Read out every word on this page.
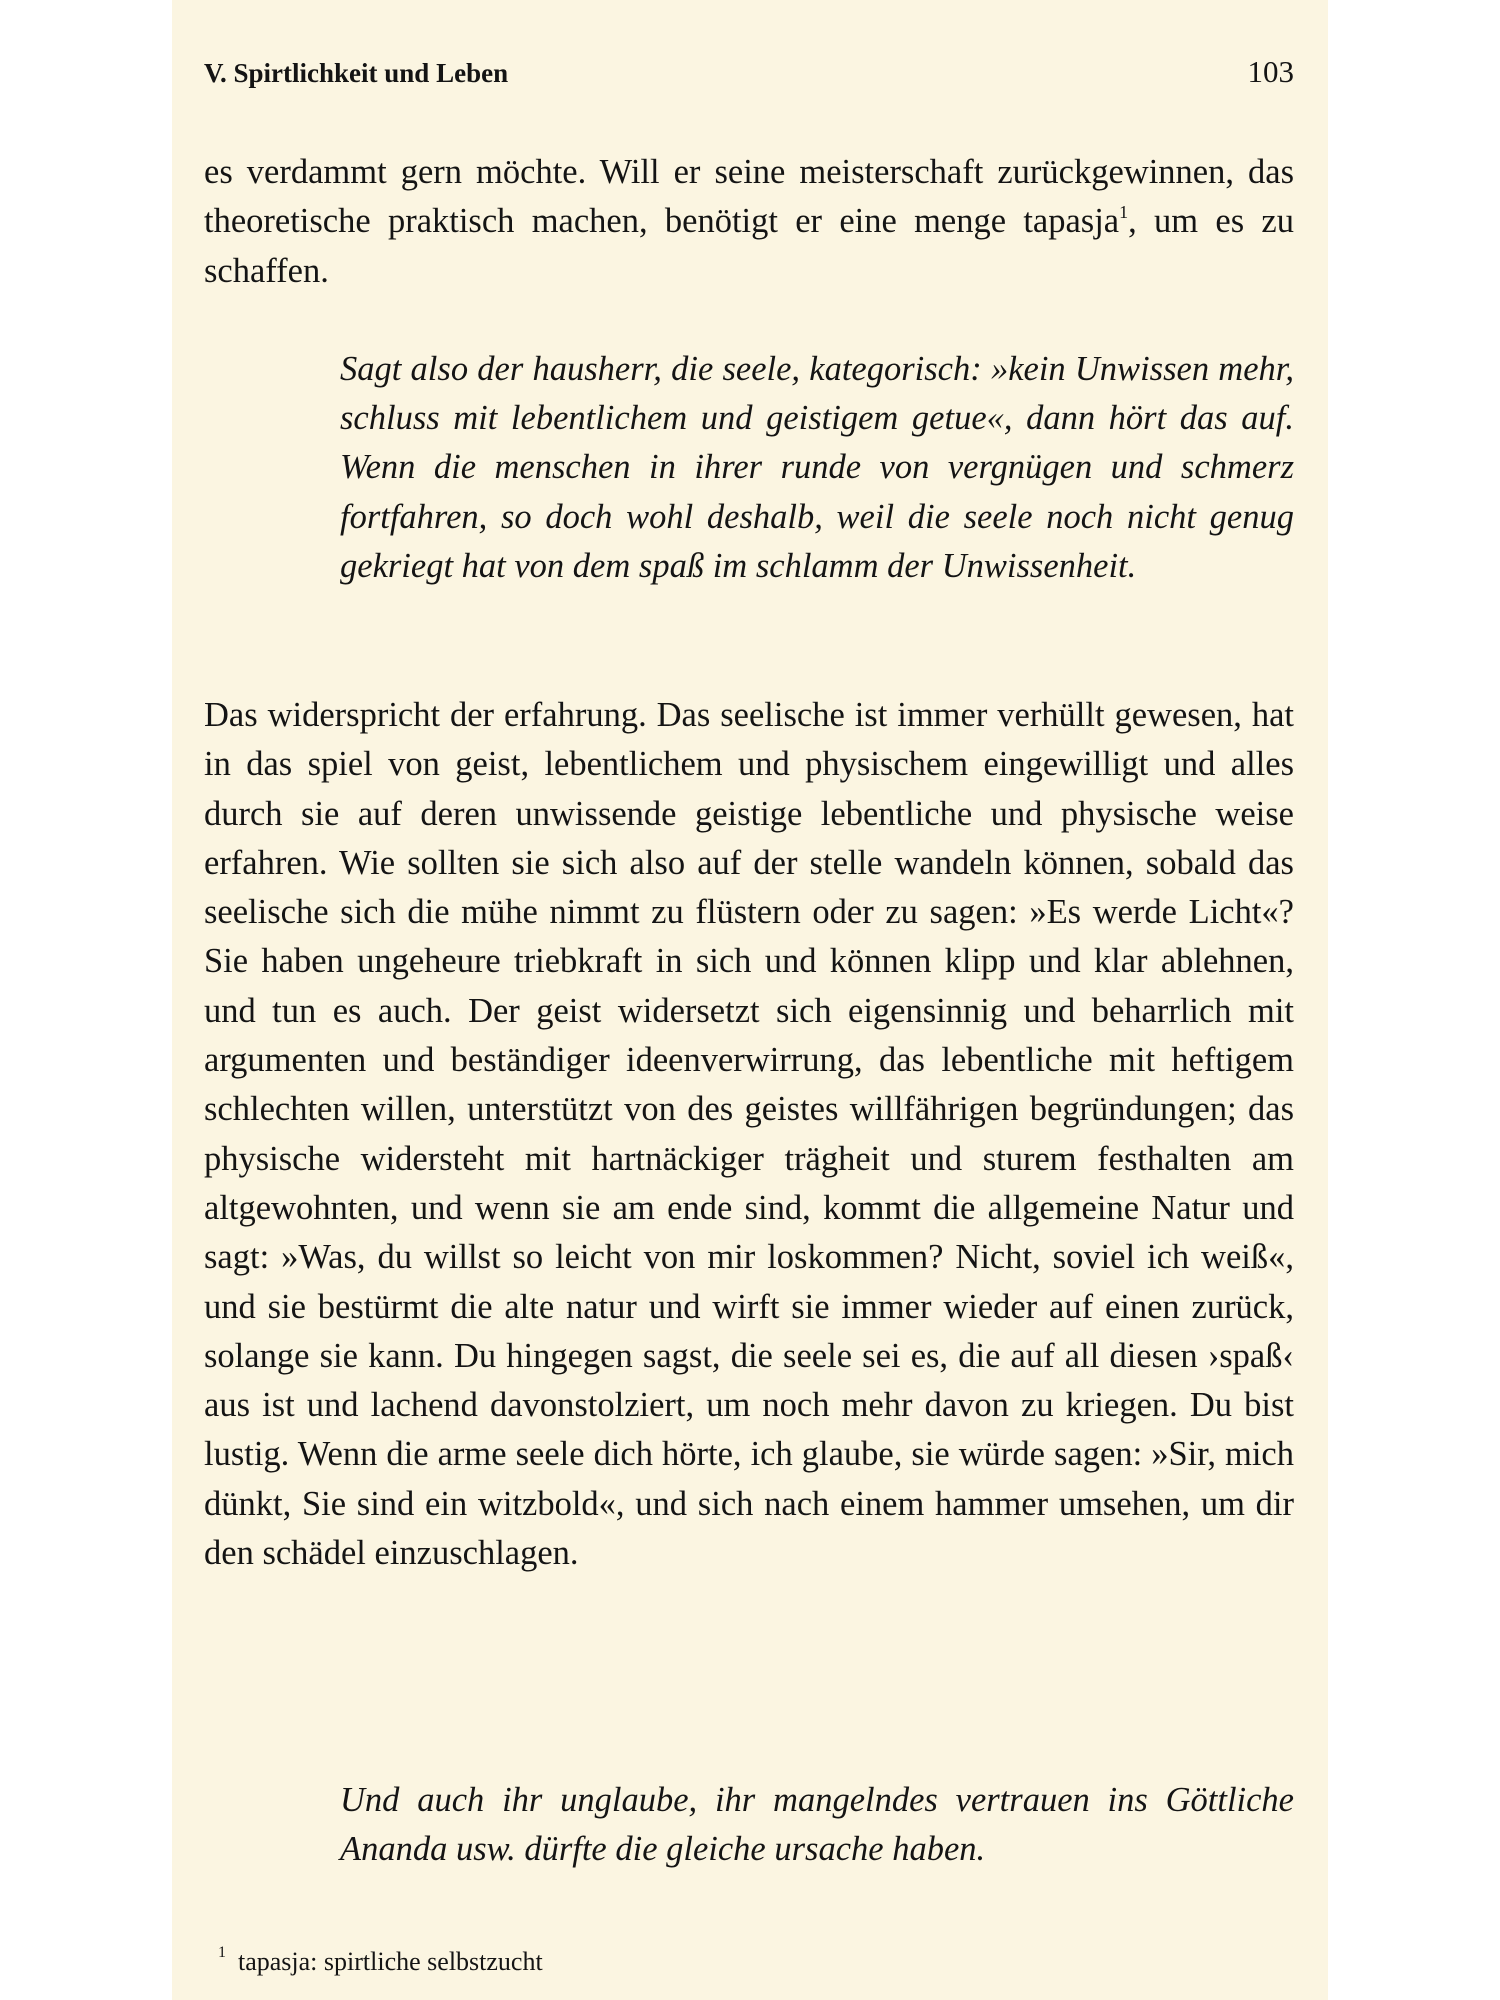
V. Spirtlichkeit und Leben	103

es verdammt gern möchte. Will er seine meisterschaft zurückgewinnen, das theoretische praktisch machen, benötigt er eine menge tapasja$^1$, um es zu schaffen.

Sagt also der hausherr, die seele, kategorisch: »kein Unwissen mehr, schluss mit lebentlichem und geistigem getue«, dann hört das auf. Wenn die menschen in ihrer runde von vergnügen und schmerz fortfahren, so doch wohl deshalb, weil die seele noch nicht genug gekriegt hat von dem spaß im schlamm der Unwissenheit.

Das widerspricht der erfahrung. Das seelische ist immer verhüllt gewesen, hat in das spiel von geist, lebentlichem und physischem eingewilligt und alles durch sie auf deren unwissende geistige lebentliche und physische weise erfahren. Wie sollten sie sich also auf der stelle wandeln können, sobald das seelische sich die mühe nimmt zu flüstern oder zu sagen: »Es werde Licht«? Sie haben ungeheure triebkraft in sich und können klipp und klar ablehnen, und tun es auch. Der geist widersetzt sich eigensinnig und beharrlich mit argumenten und beständiger ideenverwirrung, das lebentliche mit heftigem schlechten willen, unterstützt von des geistes willfährigen begründungen; das physische widersteht mit hartnäckiger trägheit und sturem festhalten am altgewohnten, und wenn sie am ende sind, kommt die allgemeine Natur und sagt: »Was, du willst so leicht von mir loskommen? Nicht, soviel ich weiß«, und sie bestürmt die alte natur und wirft sie immer wieder auf einen zurück, solange sie kann. Du hingegen sagst, die seele sei es, die auf all diesen ›spaß‹ aus ist und lachend davonstolziert, um noch mehr davon zu kriegen. Du bist lustig. Wenn die arme seele dich hörte, ich glaube, sie würde sagen: »Sir, mich dünkt, Sie sind ein witzbold«, und sich nach einem hammer umsehen, um dir den schädel einzuschlagen.

Und auch ihr unglaube, ihr mangelndes vertrauen ins Göttliche Ananda usw. dürfte die gleiche ursache haben.

$^1$ tapasja: spirtliche selbstzucht
